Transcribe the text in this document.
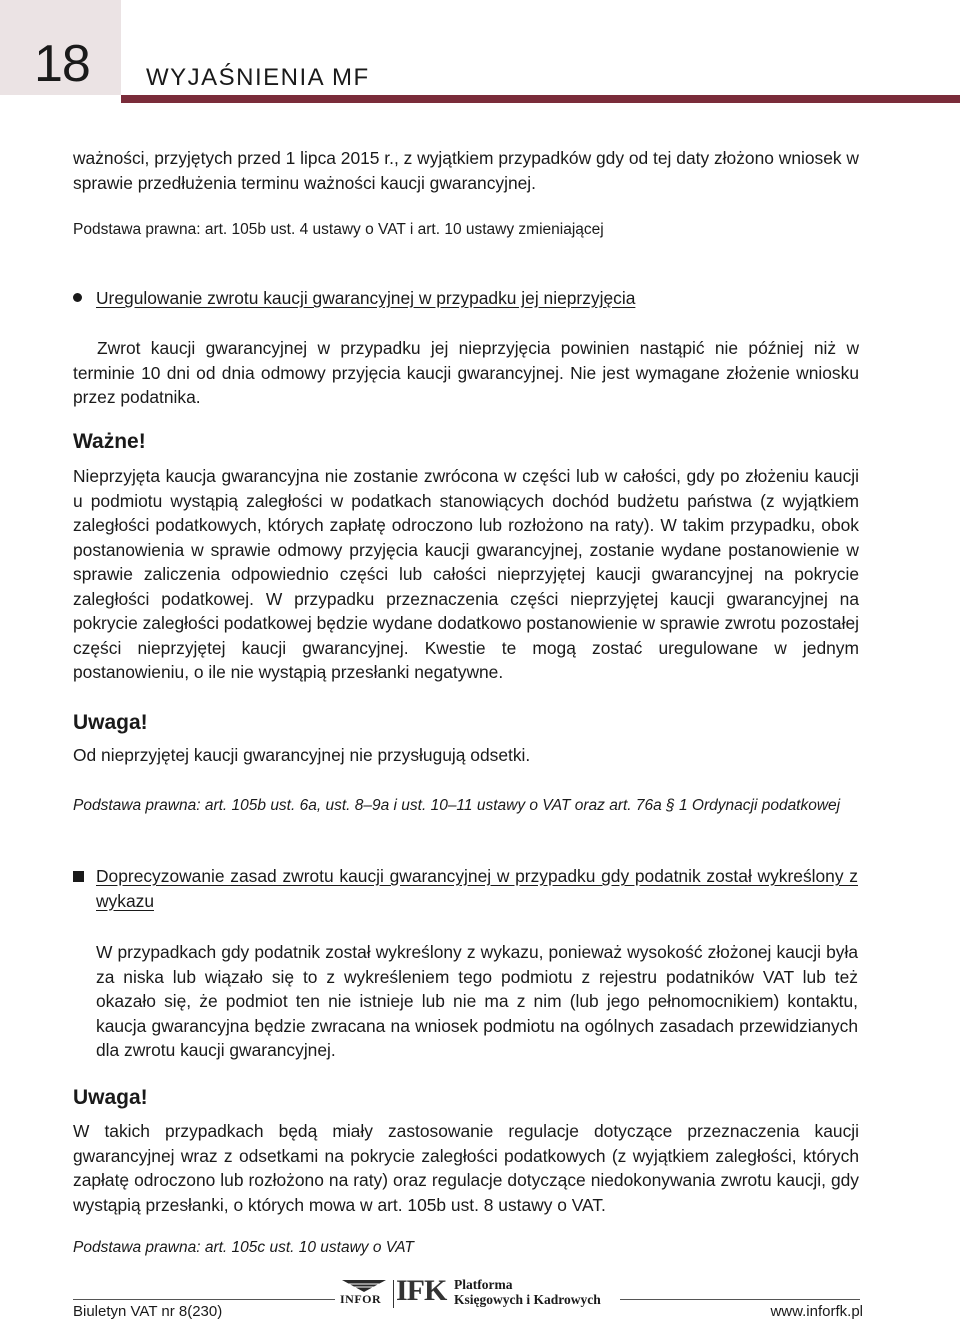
18 WYJAŚNIENIA MF

ważności, przyjętych przed 1 lipca 2015 r., z wyjątkiem przypadków gdy od tej daty złożono wniosek w sprawie przedłużenia terminu ważności kaucji gwarancyjnej.

Podstawa prawna: art. 105b ust. 4 ustawy o VAT i art. 10 ustawy zmieniającej

Uregulowanie zwrotu kaucji gwarancyjnej w przypadku jej nieprzyjęcia

Zwrot kaucji gwarancyjnej w przypadku jej nieprzyjęcia powinien nastąpić nie później niż w terminie 10 dni od dnia odmowy przyjęcia kaucji gwarancyjnej. Nie jest wymagane złożenie wniosku przez podatnika.

Ważne!

Nieprzyjęta kaucja gwarancyjna nie zostanie zwrócona w części lub w całości, gdy po złożeniu kaucji u podmiotu wystąpią zaległości w podatkach stanowiących dochód budżetu państwa (z wyjątkiem zaległości podatkowych, których zapłatę odroczono lub rozłożono na raty). W takim przypadku, obok postanowienia w sprawie odmowy przyjęcia kaucji gwarancyjnej, zostanie wydane postanowienie w sprawie zaliczenia odpowiednio części lub całości nieprzyjętej kaucji gwarancyjnej na pokrycie zaległości podatkowej. W przypadku przeznaczenia części nieprzyjętej kaucji gwarancyjnej na pokrycie zaległości podatkowej będzie wydane dodatkowo postanowienie w sprawie zwrotu pozostałej części nieprzyjętej kaucji gwarancyjnej. Kwestie te mogą zostać uregulowane w jednym postanowieniu, o ile nie wystąpią przesłanki negatywne.

Uwaga!

Od nieprzyjętej kaucji gwarancyjnej nie przysługują odsetki.

Podstawa prawna: art. 105b ust. 6a, ust. 8–9a i ust. 10–11 ustawy o VAT oraz art. 76a § 1 Ordynacji podatkowej

Doprecyzowanie zasad zwrotu kaucji gwarancyjnej w przypadku gdy podatnik został wykreślony z wykazu

W przypadkach gdy podatnik został wykreślony z wykazu, ponieważ wysokość złożonej kaucji była za niska lub wiązało się to z wykreśleniem tego podmiotu z rejestru podatników VAT lub też okazało się, że podmiot ten nie istnieje lub nie ma z nim (lub jego pełnomocnikiem) kontaktu, kaucja gwarancyjna będzie zwracana na wniosek podmiotu na ogólnych zasadach przewidzianych dla zwrotu kaucji gwarancyjnej.

Uwaga!

W takich przypadkach będą miały zastosowanie regulacje dotyczące przeznaczenia kaucji gwarancyjnej wraz z odsetkami na pokrycie zaległości podatkowych (z wyjątkiem zaległości, których zapłatę odroczono lub rozłożono na raty) oraz regulacje dotyczące niedokonywania zwrotu kaucji, gdy wystąpią przesłanki, o których mowa w art. 105b ust. 8 ustawy o VAT.

Podstawa prawna: art. 105c ust. 10 ustawy o VAT

INFOR IFK Platforma
Księgowych i Kadrowych
Biuletyn VAT nr 8(230)	www.inforfk.pl
